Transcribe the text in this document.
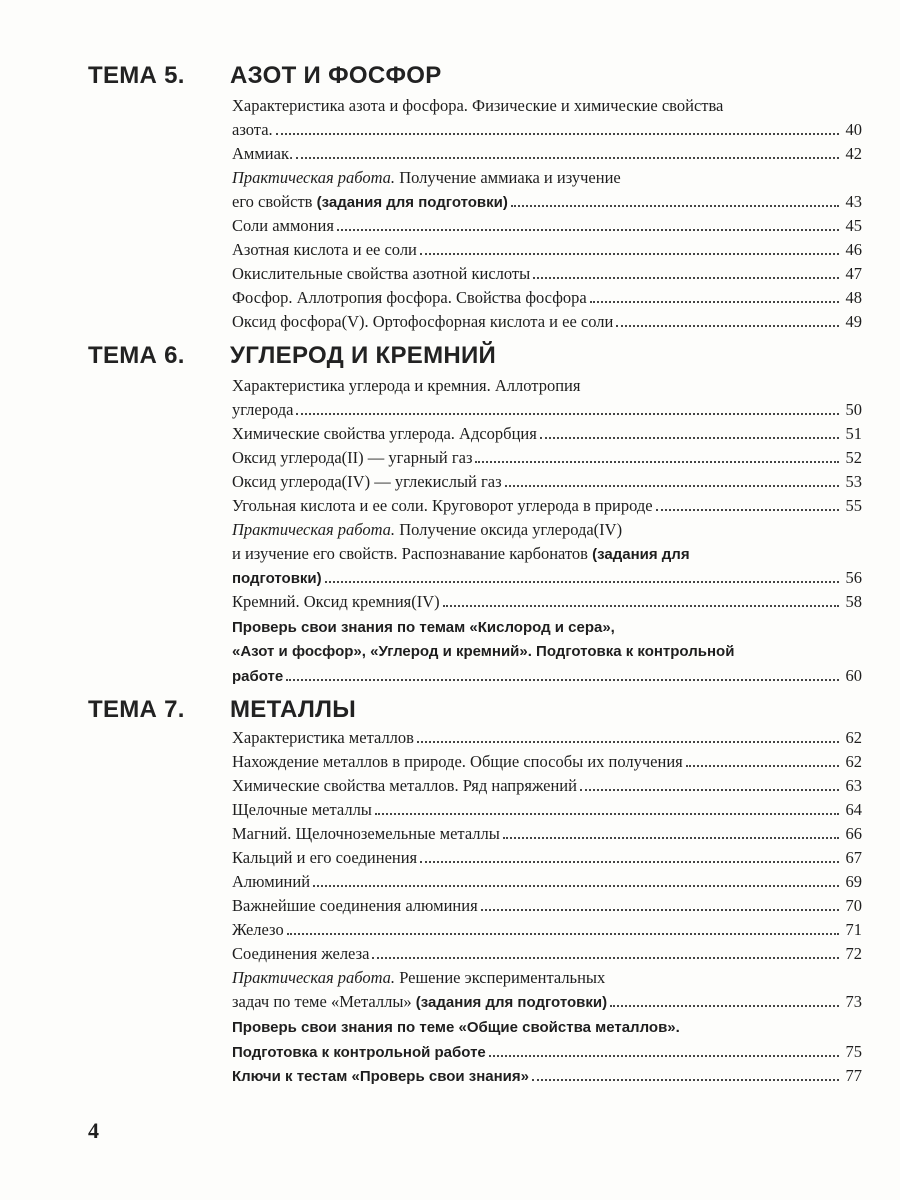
ТЕМА 5. АЗОТ И ФОСФОР
Характеристика азота и фосфора. Физические и химические свойства
азота.	40
Аммиак.	42
Практическая работа. Получение аммиака и изучение
его свойств (задания для подготовки)	43
Соли аммония	45
Азотная кислота и ее соли	46
Окислительные свойства азотной кислоты	47
Фосфор. Аллотропия фосфора. Свойства фосфора	48
Оксид фосфора(V). Ортофосфорная кислота и ее соли	49
ТЕМА 6. УГЛЕРОД И КРЕМНИЙ
Характеристика углерода и кремния. Аллотропия
углерода	50
Химические свойства углерода. Адсорбция	51
Оксид углерода(II) — угарный газ	52
Оксид углерода(IV) — углекислый газ	53
Угольная кислота и ее соли. Круговорот углерода в природе	55
Практическая работа. Получение оксида углерода(IV)
и изучение его свойств. Распознавание карбонатов (задания для
подготовки)	56
Кремний. Оксид кремния(IV)	58
Проверь свои знания по темам «Кислород и сера»,
«Азот и фосфор», «Углерод и кремний». Подготовка к контрольной
работе	60
ТЕМА 7. МЕТАЛЛЫ
Характеристика металлов	62
Нахождение металлов в природе. Общие способы их получения	62
Химические свойства металлов. Ряд напряжений	63
Щелочные металлы	64
Магний. Щелочноземельные металлы	66
Кальций и его соединения	67
Алюминий	69
Важнейшие соединения алюминия	70
Железо	71
Соединения железа	72
Практическая работа. Решение экспериментальных
задач по теме «Металлы» (задания для подготовки)	73
Проверь свои знания по теме «Общие свойства металлов».
Подготовка к контрольной работе	75
Ключи к тестам «Проверь свои знания»	77
4
